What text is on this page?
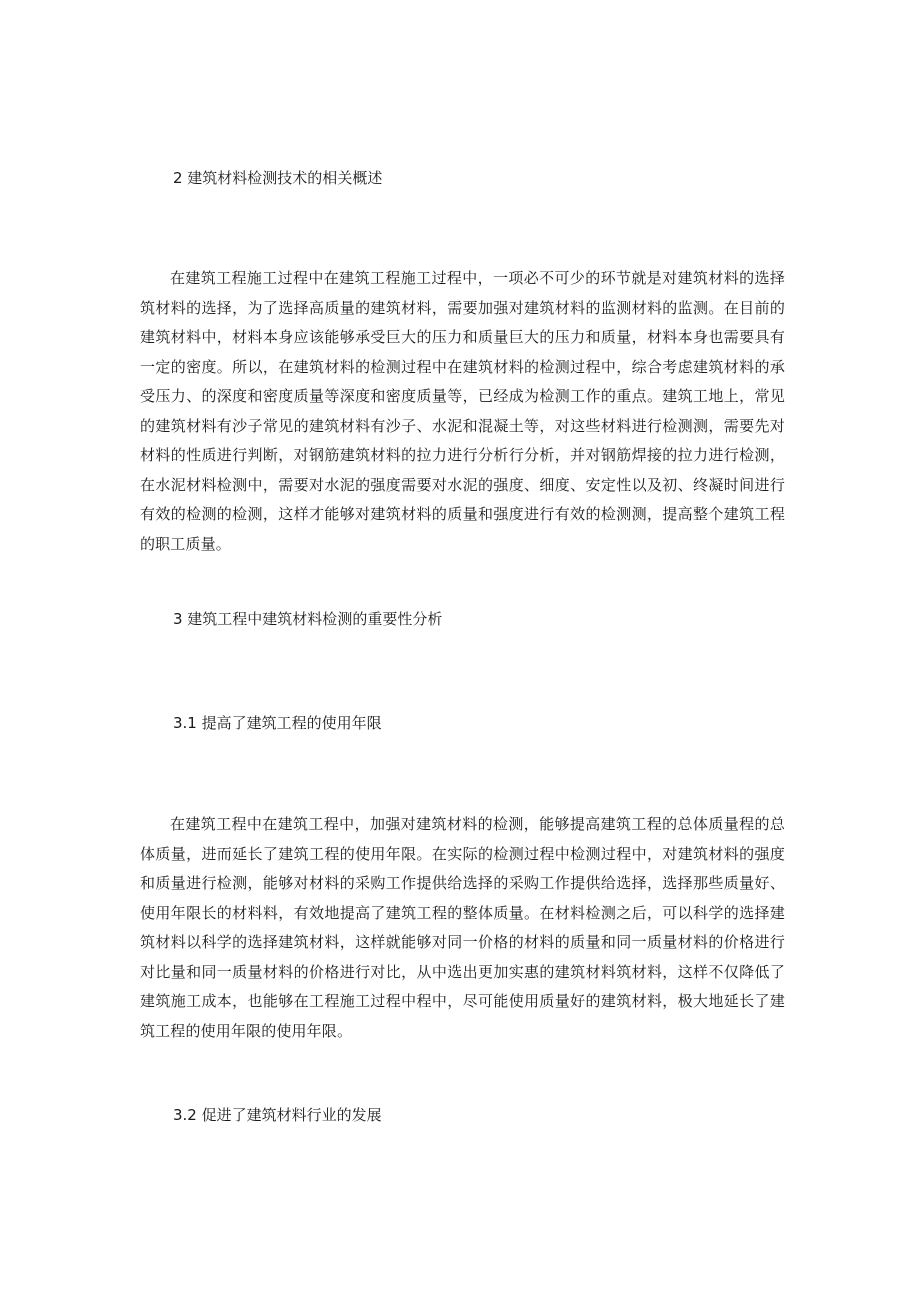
2 建筑材料检测技术的相关概述

在建筑工程施工过程中在建筑工程施工过程中，一项必不可少的环节就是对建筑材料的选择筑材料的选择，为了选择高质量的建筑材料，需要加强对建筑材料的监测材料的监测。在目前的建筑材料中，材料本身应该能够承受巨大的压力和质量巨大的压力和质量，材料本身也需要具有一定的密度。所以，在建筑材料的检测过程中在建筑材料的检测过程中，综合考虑建筑材料的承受压力、的深度和密度质量等深度和密度质量等，已经成为检测工作的重点。建筑工地上，常见的建筑材料有沙子常见的建筑材料有沙子、水泥和混凝土等，对这些材料进行检测测，需要先对材料的性质进行判断，对钢筋建筑材料的拉力进行分析行分析，并对钢筋焊接的拉力进行检测，在水泥材料检测中，需要对水泥的强度需要对水泥的强度、细度、安定性以及初、终凝时间进行有效的检测的检测，这样才能够对建筑材料的质量和强度进行有效的检测测，提高整个建筑工程的职工质量。

3 建筑工程中建筑材料检测的重要性分析
3.1 提高了建筑工程的使用年限

在建筑工程中在建筑工程中，加强对建筑材料的检测，能够提高建筑工程的总体质量程的总体质量，进而延长了建筑工程的使用年限。在实际的检测过程中检测过程中，对建筑材料的强度和质量进行检测，能够对材料的采购工作提供给选择的采购工作提供给选择，选择那些质量好、使用年限长的材料料，有效地提高了建筑工程的整体质量。在材料检测之后，可以科学的选择建筑材料以科学的选择建筑材料，这样就能够对同一价格的材料的质量和同一质量材料的价格进行对比量和同一质量材料的价格进行对比，从中选出更加实惠的建筑材料筑材料，这样不仅降低了建筑施工成本，也能够在工程施工过程中程中，尽可能使用质量好的建筑材料，极大地延长了建筑工程的使用年限的使用年限。

3.2 促进了建筑材料行业的发展
